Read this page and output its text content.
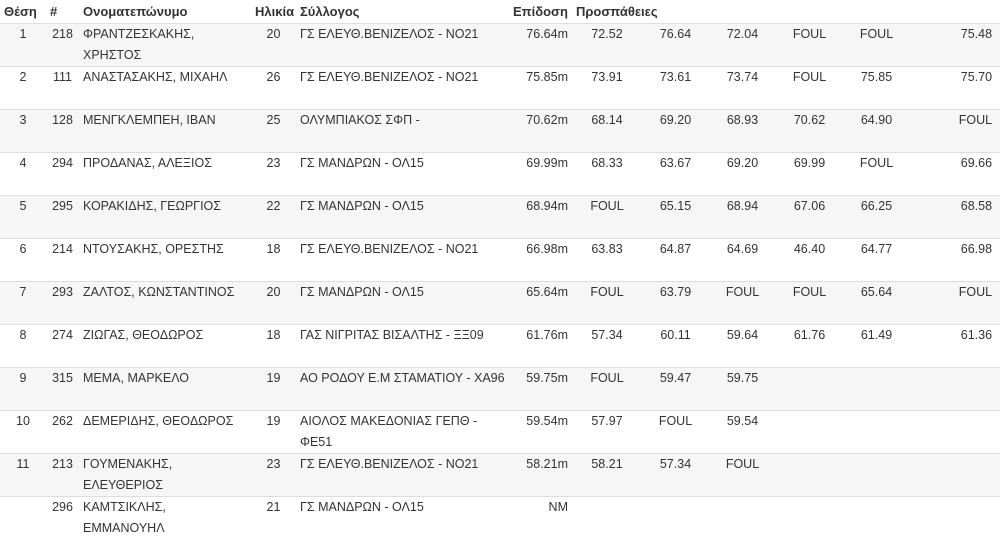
Θέση	#	Ονοματεπώνυμο	Ηλικία	Σύλλογος	Επίδοση	Προσπάθειες					
1	218	ΦΡΑΝΤΖΕΣΚΑΚΗΣ, ΧΡΗΣΤΟΣ	20	ΓΣ ΕΛΕΥΘ.ΒΕΝΙΖΕΛΟΣ - ΝΟ21	76.64m	72.52	76.64	72.04	FOUL	FOUL	75.48
2	111	ΑΝΑΣΤΑΣΑΚΗΣ, ΜΙΧΑΗΛ	26	ΓΣ ΕΛΕΥΘ.ΒΕΝΙΖΕΛΟΣ - ΝΟ21	75.85m	73.91	73.61	73.74	FOUL	75.85	75.70
3	128	ΜΕΝΓΚΛΕΜΠΕΗ, ΙΒΑΝ	25	ΟΛΥΜΠΙΑΚΟΣ ΣΦΠ -	70.62m	68.14	69.20	68.93	70.62	64.90	FOUL
4	294	ΠΡΟΔΑΝΑΣ, ΑΛΕΞΙΟΣ	23	ΓΣ ΜΑΝΔΡΩΝ - ΟΛ15	69.99m	68.33	63.67	69.20	69.99	FOUL	69.66
5	295	ΚΟΡΑΚΙΔΗΣ, ΓΕΩΡΓΙΟΣ	22	ΓΣ ΜΑΝΔΡΩΝ - ΟΛ15	68.94m	FOUL	65.15	68.94	67.06	66.25	68.58
6	214	ΝΤΟΥΣΑΚΗΣ, ΟΡΕΣΤΗΣ	18	ΓΣ ΕΛΕΥΘ.ΒΕΝΙΖΕΛΟΣ - ΝΟ21	66.98m	63.83	64.87	64.69	46.40	64.77	66.98
7	293	ΖΑΛΤΟΣ, ΚΩΝΣΤΑΝΤΙΝΟΣ	20	ΓΣ ΜΑΝΔΡΩΝ - ΟΛ15	65.64m	FOUL	63.79	FOUL	FOUL	65.64	FOUL
8	274	ΖΙΩΓΑΣ, ΘΕΟΔΩΡΟΣ	18	ΓΑΣ ΝΙΓΡΙΤΑΣ ΒΙΣΑΛΤΗΣ - ΞΞ09	61.76m	57.34	60.11	59.64	61.76	61.49	61.36
9	315	ΜΕΜΑ, ΜΑΡΚΕΛΟ	19	ΑΟ ΡΟΔΟΥ Ε.Μ ΣΤΑΜΑΤΙΟΥ - ΧΑ96	59.75m	FOUL	59.47	59.75			
10	262	ΔΕΜΕΡΙΔΗΣ, ΘΕΟΔΩΡΟΣ	19	ΑΙΟΛΟΣ ΜΑΚΕΔΟΝΙΑΣ ΓΕΠΘ - ΦΕ51	59.54m	57.97	FOUL	59.54			
11	213	ΓΟΥΜΕΝΑΚΗΣ, ΕΛΕΥΘΕΡΙΟΣ	23	ΓΣ ΕΛΕΥΘ.ΒΕΝΙΖΕΛΟΣ - ΝΟ21	58.21m	58.21	57.34	FOUL			
	296	ΚΑΜΤΣΙΚΛΗΣ, ΕΜΜΑΝΟΥΗΛ	21	ΓΣ ΜΑΝΔΡΩΝ - ΟΛ15	NM						
